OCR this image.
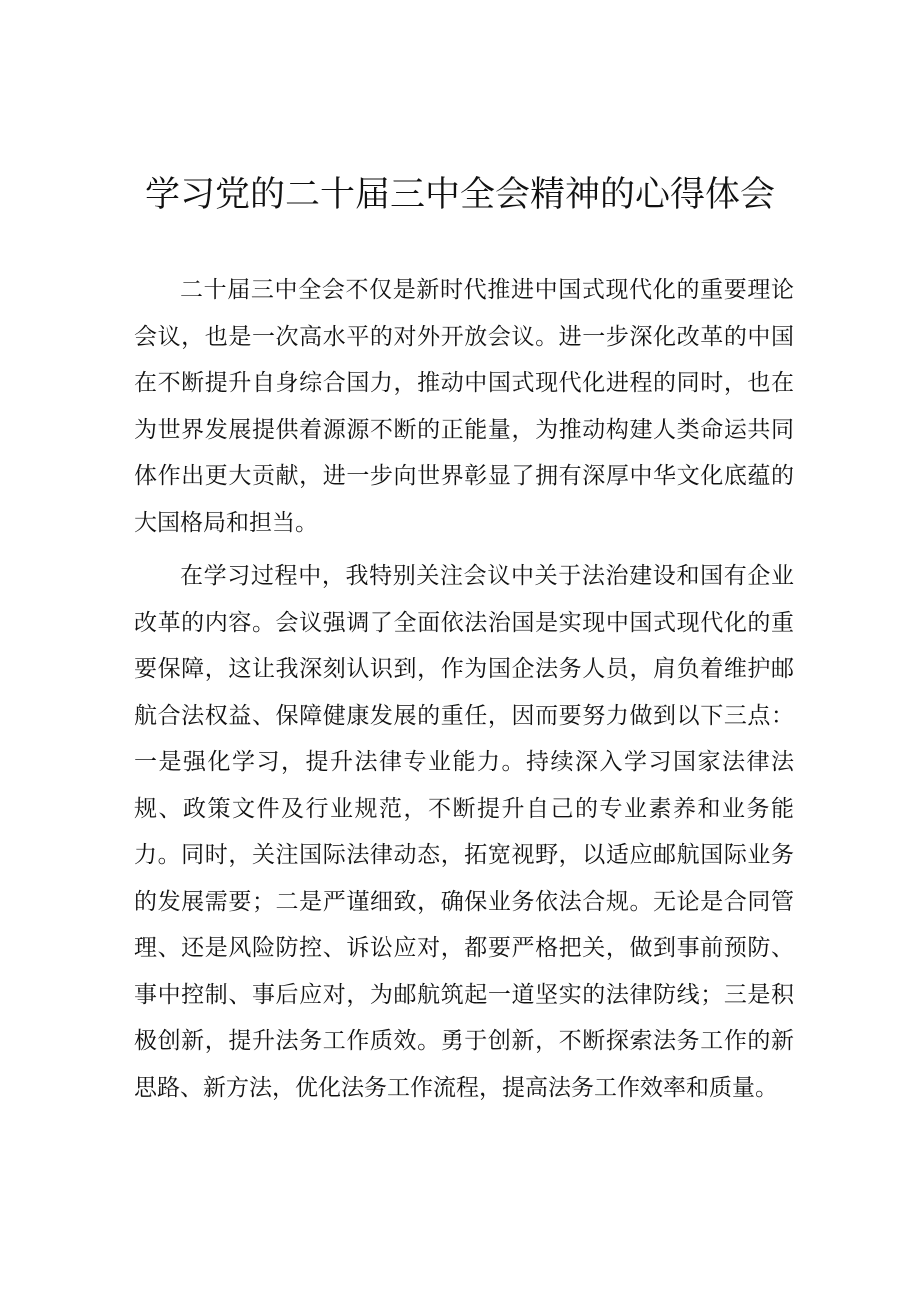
学习党的二十届三中全会精神的心得体会

二十届三中全会不仅是新时代推进中国式现代化的重要理论会议，也是一次高水平的对外开放会议。进一步深化改革的中国在不断提升自身综合国力，推动中国式现代化进程的同时，也在为世界发展提供着源源不断的正能量，为推动构建人类命运共同体作出更大贡献，进一步向世界彰显了拥有深厚中华文化底蕴的大国格局和担当。

在学习过程中，我特别关注会议中关于法治建设和国有企业改革的内容。会议强调了全面依法治国是实现中国式现代化的重要保障，这让我深刻认识到，作为国企法务人员，肩负着维护邮航合法权益、保障健康发展的重任，因而要努力做到以下三点：一是强化学习，提升法律专业能力。持续深入学习国家法律法规、政策文件及行业规范，不断提升自己的专业素养和业务能力。同时，关注国际法律动态，拓宽视野，以适应邮航国际业务的发展需要；二是严谨细致，确保业务依法合规。无论是合同管理、还是风险防控、诉讼应对，都要严格把关，做到事前预防、事中控制、事后应对，为邮航筑起一道坚实的法律防线；三是积极创新，提升法务工作质效。勇于创新，不断探索法务工作的新思路、新方法，优化法务工作流程，提高法务工作效率和质量。
